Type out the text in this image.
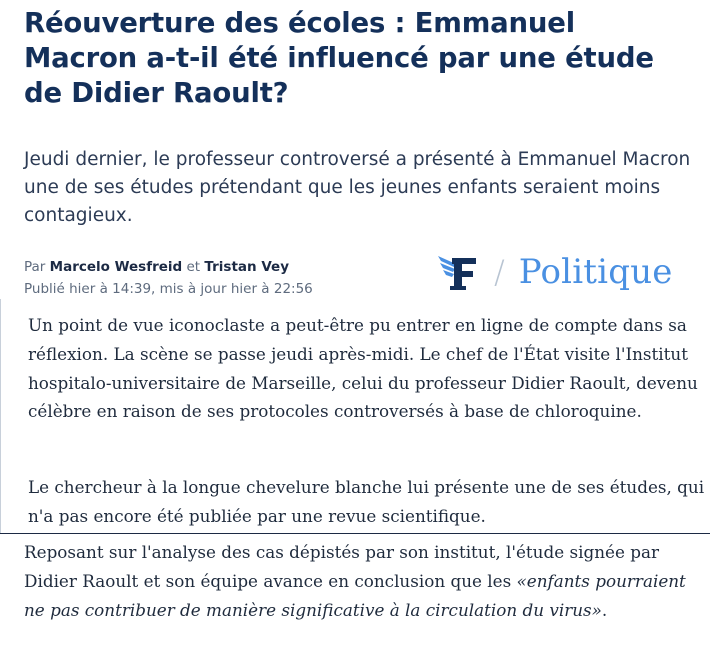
Réouverture des écoles : Emmanuel Macron a-t-il été influencé par une étude de Didier Raoult?

Jeudi dernier, le professeur controversé a présenté à Emmanuel Macron une de ses études prétendant que les jeunes enfants seraient moins contagieux.

Par Marcelo Wesfreid et Tristan Vey
Publié hier à 14:39, mis à jour hier à 22:56	/ Politique

Un point de vue iconoclaste a peut-être pu entrer en ligne de compte dans sa réflexion. La scène se passe jeudi après-midi. Le chef de l'État visite l'Institut hospitalo-universitaire de Marseille, celui du professeur Didier Raoult, devenu célèbre en raison de ses protocoles controversés à base de chloroquine.

Le chercheur à la longue chevelure blanche lui présente une de ses études, qui n'a pas encore été publiée par une revue scientifique.

Reposant sur l'analyse des cas dépistés par son institut, l'étude signée par Didier Raoult et son équipe avance en conclusion que les «enfants pourraient ne pas contribuer de manière significative à la circulation du virus».
